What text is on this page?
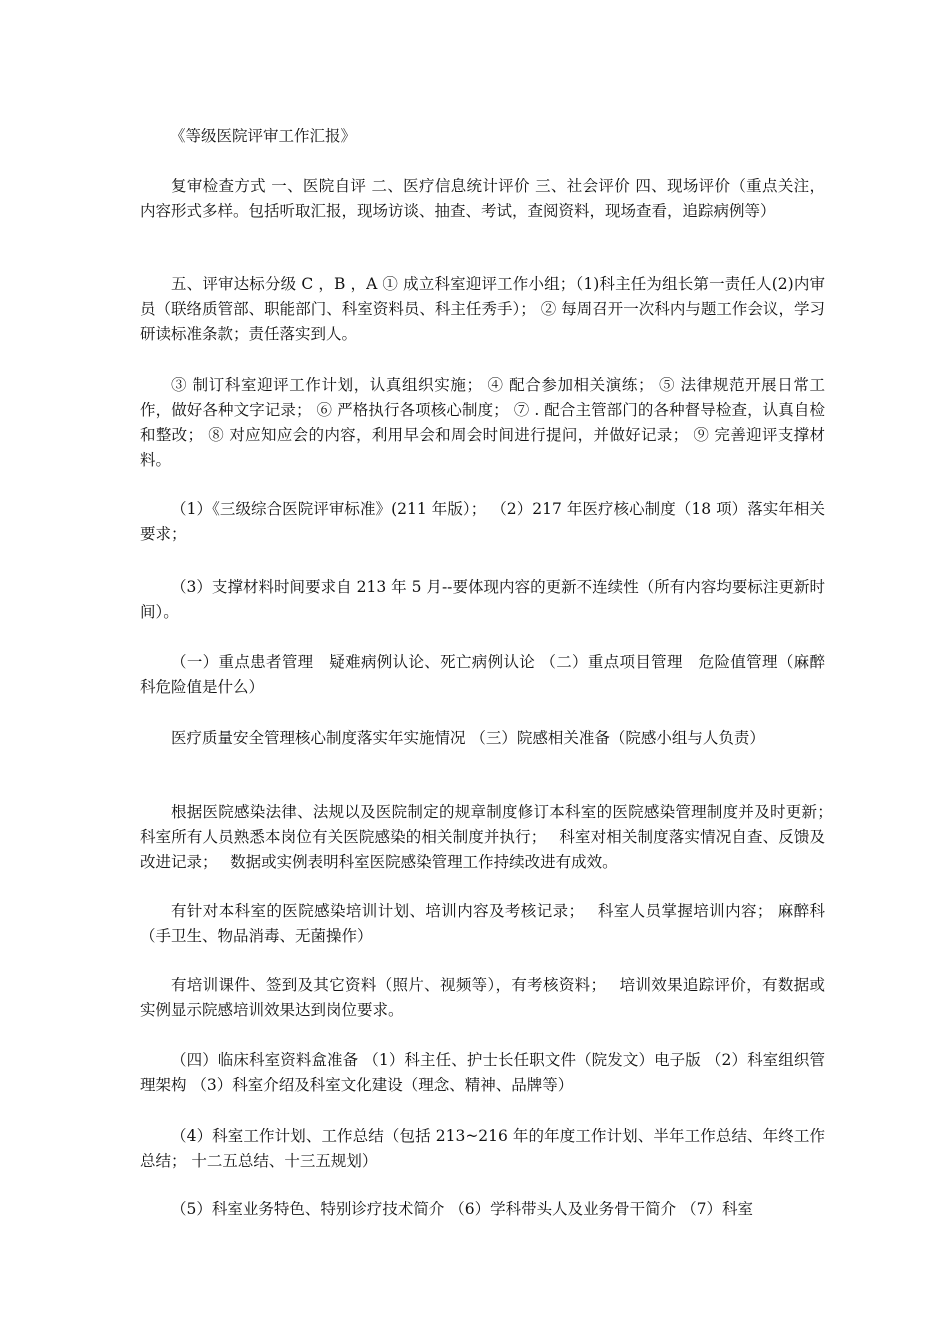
《等级医院评审工作汇报》

复审检查方式 一、医院自评 二、医疗信息统计评价 三、社会评价 四、现场评价（重点关注，内容形式多样。包括听取汇报，现场访谈、抽查、考试，查阅资料，现场查看，追踪病例等）

五、评审达标分级 C ，B ，A ① 成立科室迎评工作小组；（1)科主任为组长第一责任人(2)内审员（联络质管部、职能部门、科室资料员、科主任秀手）； ② 每周召开一次科内与题工作会议，学习研读标准条款；责任落实到人。

③ 制订科室迎评工作计划，认真组织实施； ④ 配合参加相关演练； ⑤ 法律规范开展日常工作，做好各种文字记录； ⑥ 严格执行各项核心制度； ⑦ . 配合主管部门的各种督导检查，认真自检和整改； ⑧ 对应知应会的内容，利用早会和周会时间进行提问，并做好记录； ⑨ 完善迎评支撑材料。

（1）《三级综合医院评审标准》(211 年版）； （2）217 年医疗核心制度（18 项）落实年相关要求；

（3）支撑材料时间要求自 213 年 5 月--要体现内容的更新不连续性（所有内容均要标注更新时间）。

（一）重点患者管理　疑难病例认论、死亡病例认论 （二）重点项目管理　危险值管理（麻醉科危险值是什么）

医疗质量安全管理核心制度落实年实施情况 （三）院感相关准备（院感小组与人负责）

根据医院感染法律、法规以及医院制定的规章制度修订本科室的医院感染管理制度并及时更新；　科室所有人员熟悉本岗位有关医院感染的相关制度并执行；　 科室对相关制度落实情况自查、反馈及改进记录；　 数据或实例表明科室医院感染管理工作持续改进有成效。

有针对本科室的医院感染培训计划、培训内容及考核记录；　 科室人员掌握培训内容； 麻醉科（手卫生、物品消毒、无菌操作）

有培训课件、签到及其它资料（照片、视频等），有考核资料；　 培训效果追踪评价，有数据或实例显示院感培训效果达到岗位要求。

（四）临床科室资料盒准备 （1）科主任、护士长任职文件（院发文）电子版 （2）科室组织管理架构 （3）科室介绍及科室文化建设（理念、精神、品牌等）

（4）科室工作计划、工作总结（包括 213~216 年的年度工作计划、半年工作总结、年终工作总结； 十二五总结、十三五规划）

（5）科室业务特色、特别诊疗技术简介 （6）学科带头人及业务骨干简介 （7）科室
